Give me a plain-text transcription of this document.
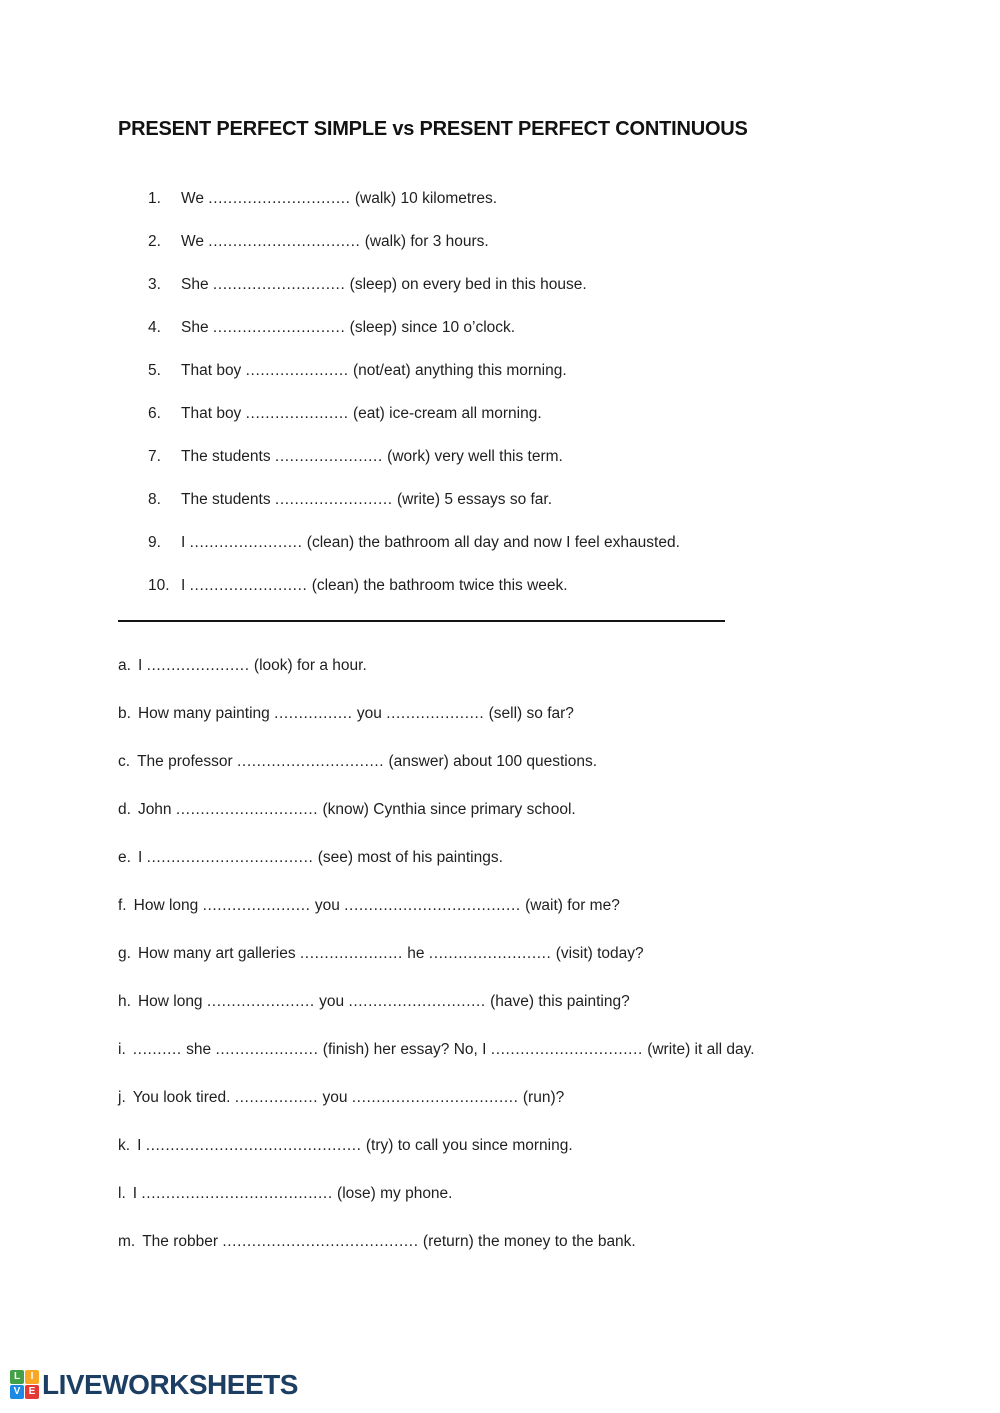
PRESENT PERFECT SIMPLE vs PRESENT PERFECT CONTINUOUS
1.	We ............................. (walk) 10 kilometres.
2.	We ............................... (walk) for 3 hours.
3.	She ........................... (sleep) on every bed in this house.
4.	She ........................... (sleep) since 10 o’clock.
5.	That boy ..................... (not/eat) anything this morning.
6.	That boy ..................... (eat) ice-cream all morning.
7.	The students ...................... (work) very well this term.
8.	The students ........................ (write) 5 essays so far.
9.	I ....................... (clean) the bathroom all day and now I feel exhausted.
10. I ........................ (clean) the bathroom twice this week.
a. I ..................... (look) for a hour.
b. How many painting ................ you .................... (sell) so far?
c. The professor .............................. (answer) about 100 questions.
d. John ............................. (know) Cynthia since primary school.
e. I .................................. (see) most of his paintings.
f. How long ...................... you .................................... (wait) for me?
g. How many art galleries ..................... he ......................... (visit) today?
h. How long ...................... you ............................ (have) this painting?
i. .......... she ..................... (finish) her essay? No, I ............................... (write) it all day.
j. You look tired. ................. you .................................. (run)?
k. I ............................................ (try) to call you since morning.
l. I ....................................... (lose) my phone.
m. The robber ........................................ (return) the money to the bank.
L	I
V E LIVEWORKSHEETS
